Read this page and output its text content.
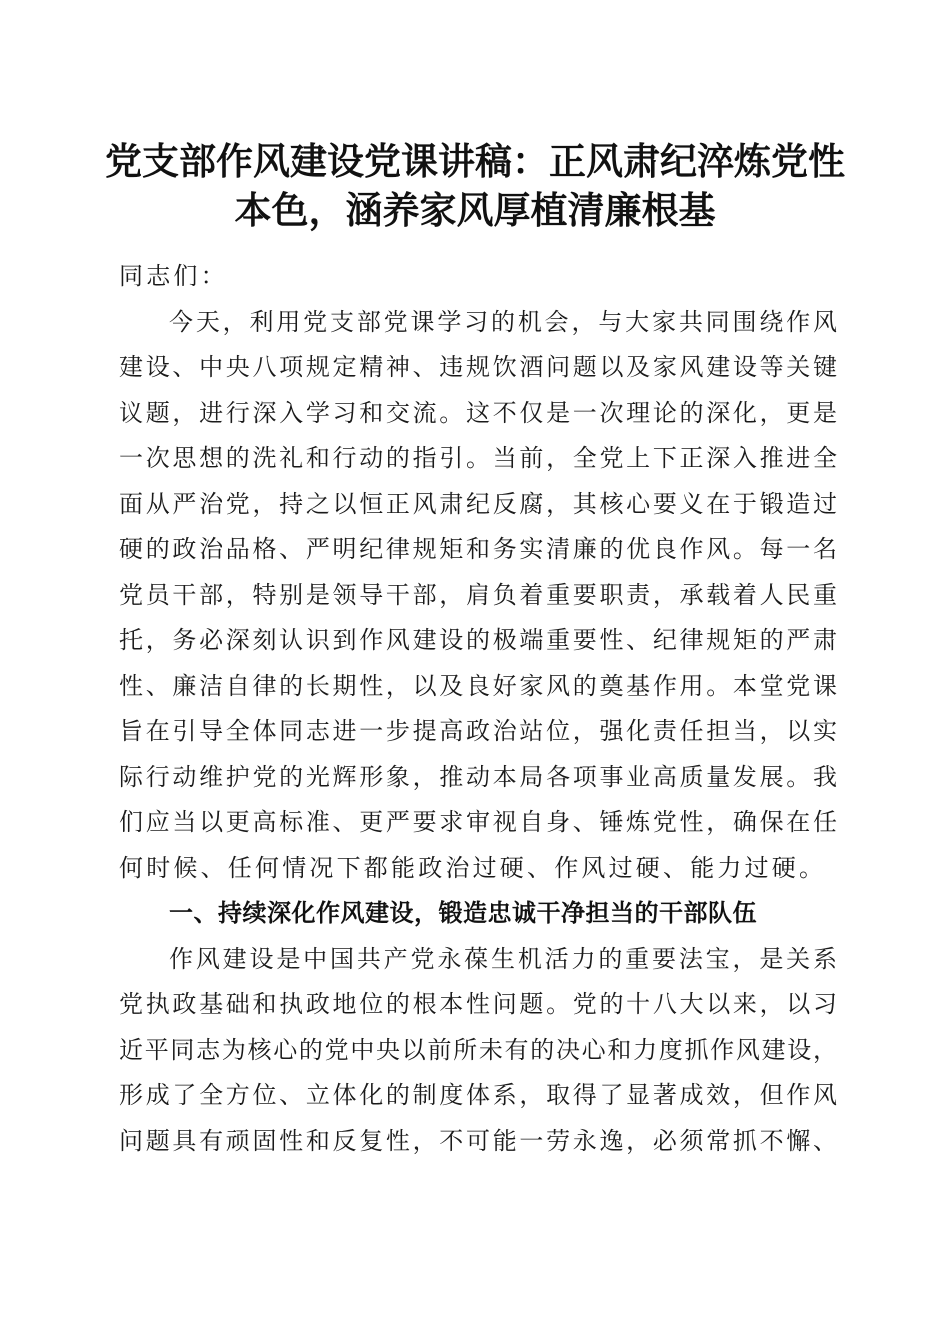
党支部作风建设党课讲稿：正风肃纪淬炼党性
本色，涵养家风厚植清廉根基
同志们：
今天，利用党支部党课学习的机会，与大家共同围绕作风
建设、中央八项规定精神、违规饮酒问题以及家风建设等关键
议题，进行深入学习和交流。这不仅是一次理论的深化，更是
一次思想的洗礼和行动的指引。当前，全党上下正深入推进全
面从严治党，持之以恒正风肃纪反腐，其核心要义在于锻造过
硬的政治品格、严明纪律规矩和务实清廉的优良作风。每一名
党员干部，特别是领导干部，肩负着重要职责，承载着人民重
托，务必深刻认识到作风建设的极端重要性、纪律规矩的严肃
性、廉洁自律的长期性，以及良好家风的奠基作用。本堂党课
旨在引导全体同志进一步提高政治站位，强化责任担当，以实
际行动维护党的光辉形象，推动本局各项事业高质量发展。我
们应当以更高标准、更严要求审视自身、锤炼党性，确保在任
何时候、任何情况下都能政治过硬、作风过硬、能力过硬。
一、持续深化作风建设，锻造忠诚干净担当的干部队伍
作风建设是中国共产党永葆生机活力的重要法宝，是关系
党执政基础和执政地位的根本性问题。党的十八大以来，以习
近平同志为核心的党中央以前所未有的决心和力度抓作风建设，
形成了全方位、立体化的制度体系，取得了显著成效，但作风
问题具有顽固性和反复性，不可能一劳永逸，必须常抓不懈、
